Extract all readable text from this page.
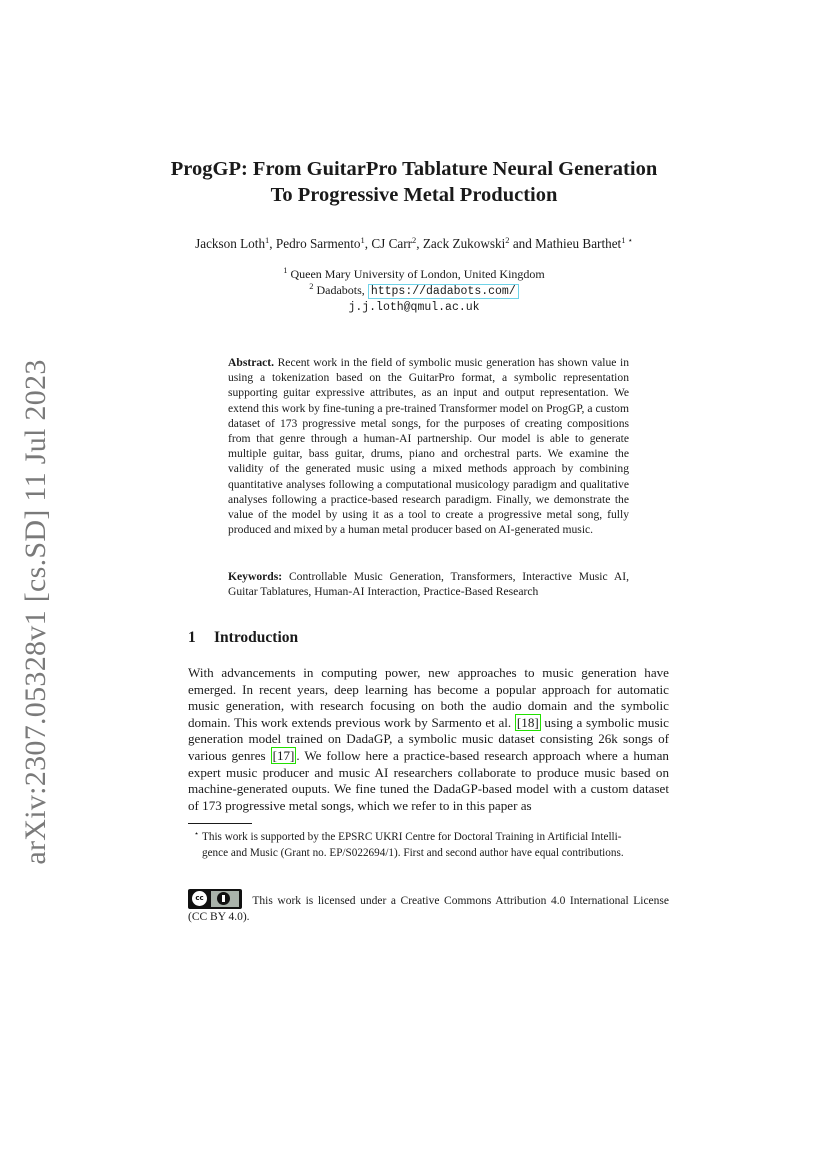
arXiv:2307.05328v1 [cs.SD] 11 Jul 2023
ProgGP: From GuitarPro Tablature Neural Generation
To Progressive Metal Production
Jackson Loth$^1$, Pedro Sarmento$^1$, CJ Carr$^2$, Zack Zukowski$^2$ and Mathieu Barthet$^{1 ⋆}$
$^1$ Queen Mary University of London, United Kingdom
$^2$ Dadabots, https://dadabots.com/
j.j.loth@qmul.ac.uk
Abstract. Recent work in the field of symbolic music generation has shown value in using a tokenization based on the GuitarPro format, a symbolic representation supporting guitar expressive attributes, as an input and output representation. We extend this work by fine-tuning a pre-trained Transformer model on ProgGP, a custom dataset of 173 progressive metal songs, for the purposes of creating compositions from that genre through a human-AI partnership. Our model is able to generate multiple guitar, bass guitar, drums, piano and orchestral parts. We examine the validity of the generated music using a mixed methods approach by combining quantitative analyses following a computational musicology paradigm and qualitative analyses following a practice-based research paradigm. Finally, we demonstrate the value of the model by using it as a tool to create a progressive metal song, fully produced and mixed by a human metal producer based on AI-generated music.
Keywords: Controllable Music Generation, Transformers, Interactive Music AI, Guitar Tablatures, Human-AI Interaction, Practice-Based Research
1 Introduction
With advancements in computing power, new approaches to music generation have emerged. In recent years, deep learning has become a popular approach for automatic music generation, with research focusing on both the audio domain and the symbolic domain. This work extends previous work by Sarmento et al. [18] using a symbolic music generation model trained on DadaGP, a symbolic music dataset consisting 26k songs of various genres [17] . We follow here a practice-based research approach where a human expert music producer and music AI researchers collaborate to produce music based on machine-generated ouputs. We fine tuned the DadaGP-based model with a custom dataset of 173 progressive metal songs, which we refer to in this paper as
⋆ This work is supported by the EPSRC UKRI Centre for Doctoral Training in Artificial Intelli-
gence and Music (Grant no. EP/S022694/1). First and second author have equal contributions.
cc	This work is licensed under a Creative Commons Attribution 4.0 International License (CC BY 4.0).
